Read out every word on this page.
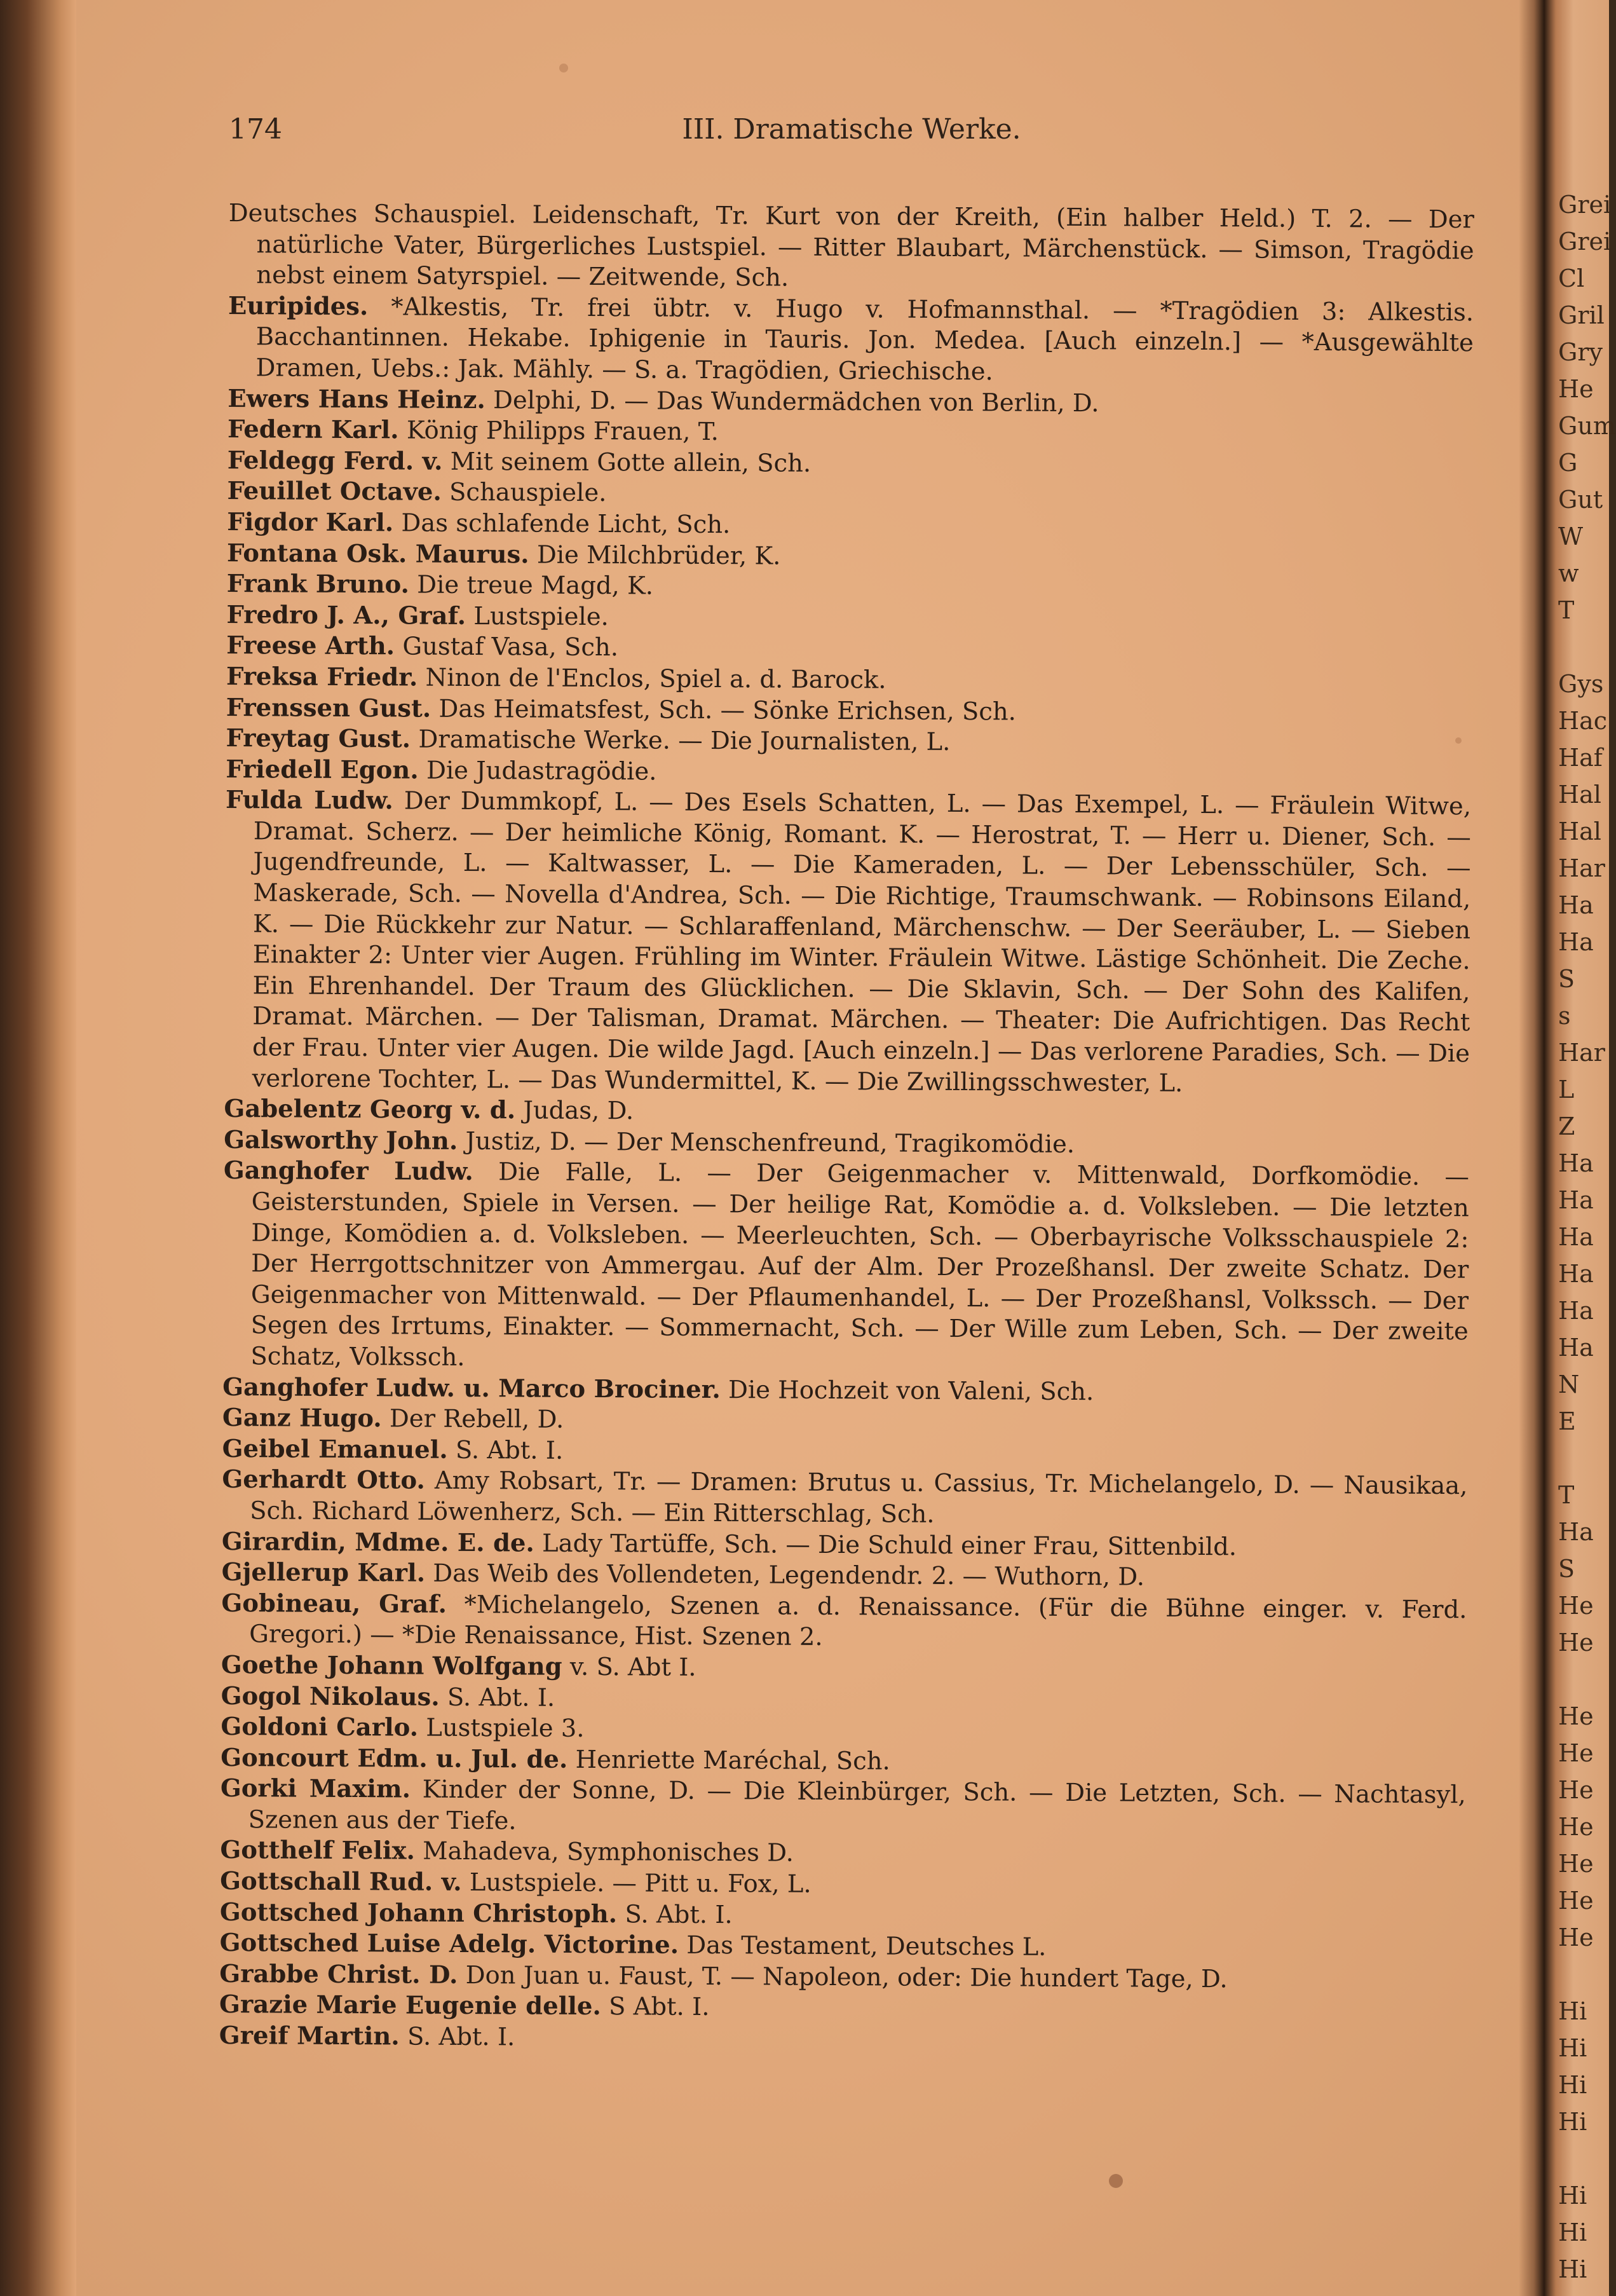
Grei
Grei
Cl
Gril
Gry
He
Gum
G
Gut
W
w
T
Gys
Hac
Haf
Hal
Hal
Har
Ha
Ha
S
s
Har
L
Z
Ha
Ha
Ha
Ha
Ha
Ha
N
E
T
Ha
S
He
He
He
He
He
He
He
He
He
Hi
Hi
Hi
Hi
Hi
Hi
Hi
174	III. Dramatische Werke.

Deutsches Schauspiel. Leidenschaft, Tr. Kurt von der Kreith, (Ein halber Held.) T. 2. — Der natürliche Vater, Bürgerliches Lustspiel. — Ritter Blaubart, Märchenstück. — Simson, Tragödie nebst einem Satyrspiel. — Zeitwende, Sch.

Euripides. *Alkestis, Tr. frei übtr. v. Hugo v. Hofmannsthal. — *Tragödien 3: Alkestis. Bacchantinnen. Hekabe. Iphigenie in Tauris. Jon. Medea. [Auch einzeln.] — *Ausgewählte Dramen, Uebs.: Jak. Mähly. — S. a. Tragödien, Griechische.

Ewers Hans Heinz. Delphi, D. — Das Wundermädchen von Berlin, D.

Federn Karl. König Philipps Frauen, T.

Feldegg Ferd. v. Mit seinem Gotte allein, Sch.

Feuillet Octave. Schauspiele.

Figdor Karl. Das schlafende Licht, Sch.

Fontana Osk. Maurus. Die Milchbrüder, K.

Frank Bruno. Die treue Magd, K.

Fredro J. A., Graf. Lustspiele.

Freese Arth. Gustaf Vasa, Sch.

Freksa Friedr. Ninon de l'Enclos, Spiel a. d. Barock.

Frenssen Gust. Das Heimatsfest, Sch. — Sönke Erichsen, Sch.

Freytag Gust. Dramatische Werke. — Die Journalisten, L.

Friedell Egon. Die Judastragödie.

Fulda Ludw. Der Dummkopf, L. — Des Esels Schatten, L. — Das Exempel, L. — Fräulein Witwe, Dramat. Scherz. — Der heimliche König, Romant. K. — Herostrat, T. — Herr u. Diener, Sch. — Jugendfreunde, L. — Kaltwasser, L. — Die Kameraden, L. — Der Lebensschüler, Sch. — Maskerade, Sch. — Novella d'Andrea, Sch. — Die Richtige, Traumschwank. — Robinsons Eiland, K. — Die Rückkehr zur Natur. — Schlaraffenland, Märchenschw. — Der Seeräuber, L. — Sieben Einakter 2: Unter vier Augen. Frühling im Winter. Fräulein Witwe. Lästige Schönheit. Die Zeche. Ein Ehrenhandel. Der Traum des Glücklichen. — Die Sklavin, Sch. — Der Sohn des Kalifen, Dramat. Märchen. — Der Talisman, Dramat. Märchen. — Theater: Die Aufrichtigen. Das Recht der Frau. Unter vier Augen. Die wilde Jagd. [Auch einzeln.] — Das verlorene Paradies, Sch. — Die verlorene Tochter, L. — Das Wundermittel, K. — Die Zwillingsschwester, L.

Gabelentz Georg v. d. Judas, D.

Galsworthy John. Justiz, D. — Der Menschenfreund, Tragikomödie.

Ganghofer Ludw. Die Falle, L. — Der Geigenmacher v. Mittenwald, Dorfkomödie. — Geisterstunden, Spiele in Versen. — Der heilige Rat, Komödie a. d. Volksleben. — Die letzten Dinge, Komödien a. d. Volksleben. — Meerleuchten, Sch. — Oberbayrische Volksschauspiele 2: Der Herrgottschnitzer von Ammergau. Auf der Alm. Der Prozeßhansl. Der zweite Schatz. Der Geigenmacher von Mittenwald. — Der Pflaumenhandel, L. — Der Prozeßhansl, Volkssch. — Der Segen des Irrtums, Einakter. — Sommernacht, Sch. — Der Wille zum Leben, Sch. — Der zweite Schatz, Volkssch.

Ganghofer Ludw. u. Marco Brociner. Die Hochzeit von Valeni, Sch.

Ganz Hugo. Der Rebell, D.

Geibel Emanuel. S. Abt. I.

Gerhardt Otto. Amy Robsart, Tr. — Dramen: Brutus u. Cassius, Tr. Michelangelo, D. — Nausikaa, Sch. Richard Löwenherz, Sch. — Ein Ritterschlag, Sch.

Girardin, Mdme. E. de. Lady Tartüffe, Sch. — Die Schuld einer Frau, Sittenbild.

Gjellerup Karl. Das Weib des Vollendeten, Legendendr. 2. — Wuthorn, D.

Gobineau, Graf. *Michelangelo, Szenen a. d. Renaissance. (Für die Bühne einger. v. Ferd. Gregori.) — *Die Renaissance, Hist. Szenen 2.

Goethe Johann Wolfgang v. S. Abt I.

Gogol Nikolaus. S. Abt. I.

Goldoni Carlo. Lustspiele 3.

Goncourt Edm. u. Jul. de. Henriette Maréchal, Sch.

Gorki Maxim. Kinder der Sonne, D. — Die Kleinbürger, Sch. — Die Letzten, Sch. — Nachtasyl, Szenen aus der Tiefe.

Gotthelf Felix. Mahadeva, Symphonisches D.

Gottschall Rud. v. Lustspiele. — Pitt u. Fox, L.

Gottsched Johann Christoph. S. Abt. I.

Gottsched Luise Adelg. Victorine. Das Testament, Deutsches L.

Grabbe Christ. D. Don Juan u. Faust, T. — Napoleon, oder: Die hundert Tage, D.

Grazie Marie Eugenie delle. S Abt. I.

Greif Martin. S. Abt. I.
